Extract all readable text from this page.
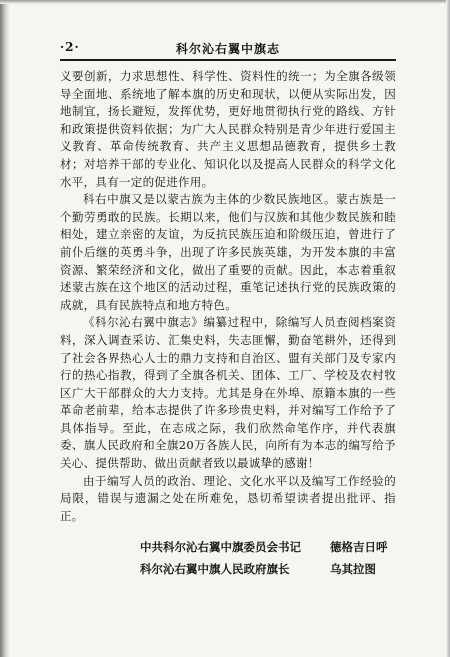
·2·	科尔沁右翼中旗志

义要创新，力求思想性、科学性、资料性的统一；为全旗各级领导全面地、系统地了解本旗的历史和现状，以便从实际出发，因地制宜，扬长避短，发挥优势，更好地贯彻执行党的路线、方针和政策提供资料依据；为广大人民群众特别是青少年进行爱国主义教育、革命传统教育、共产主义思想品德教育，提供乡土教材；对培养干部的专业化、知识化以及提高人民群众的科学文化水平，具有一定的促进作用。

科右中旗又是以蒙古族为主体的少数民族地区。蒙古族是一个勤劳勇敢的民族。长期以来，他们与汉族和其他少数民族和睦相处，建立亲密的友谊，为反抗民族压迫和阶级压迫，曾进行了前仆后继的英勇斗争，出现了许多民族英雄，为开发本旗的丰富资源、繁荣经济和文化，做出了重要的贡献。因此，本志着重叙述蒙古族在这个地区的活动过程，重笔记述执行党的民族政策的成就，具有民族特点和地方特色。

《科尔沁右翼中旗志》编纂过程中，除编写人员查阅档案资料，深入调查采访、汇集史料，失志匪懈，勤奋笔耕外，还得到了社会各界热心人士的鼎力支持和自治区、盟有关部门及专家内行的热心指教，得到了全旗各机关、团体、工厂、学校及农村牧区广大干部群众的大力支持。尤其是身在外埠、原籍本旗的一些革命老前辈，给本志提供了许多珍贵史料，并对编写工作给予了具体指导。至此，在志成之际，我们欣然命笔作序，并代表旗委、旗人民政府和全旗20万各族人民，向所有为本志的编写给予关心、提供帮助、做出贡献者致以最诚挚的感谢！

由于编写人员的政治、理论、文化水平以及编写工作经验的局限，错误与遗漏之处在所难免，恳切希望读者提出批评、指正。

中共科尔沁右翼中旗委员会书记	德格吉日呼
科尔沁右翼中旗人民政府旗长	乌其拉图
